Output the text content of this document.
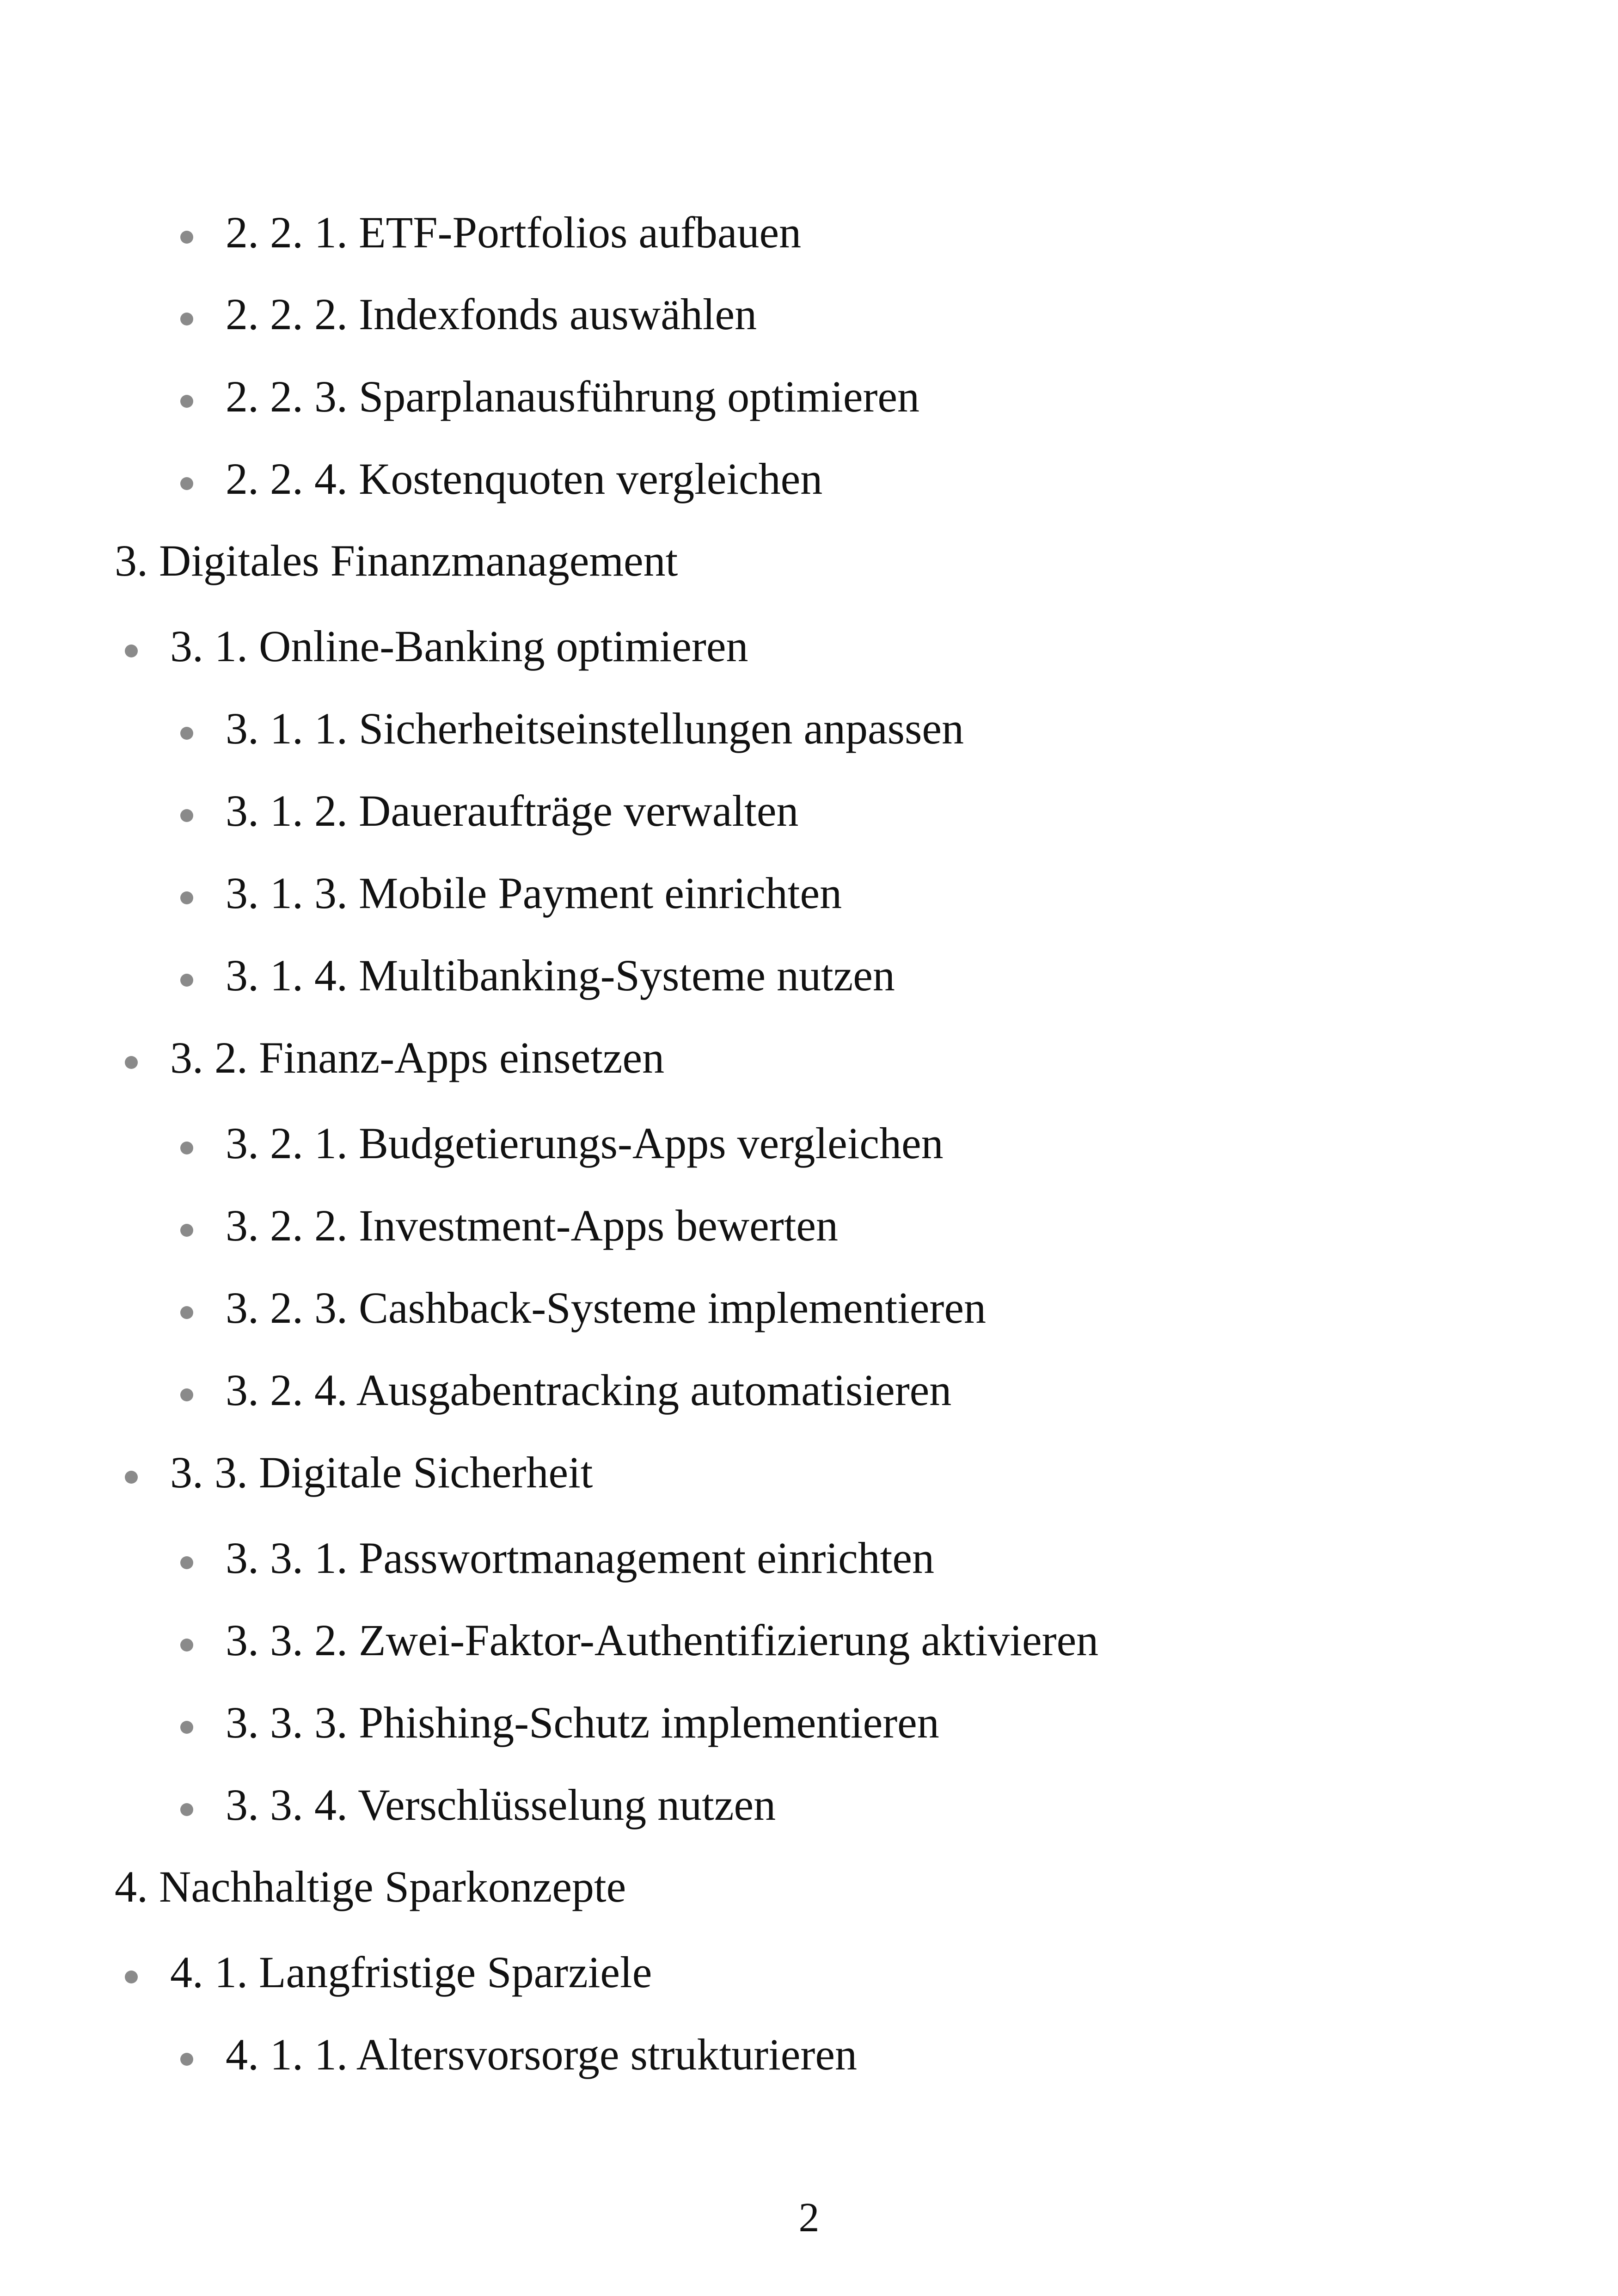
2. 2. 1. ETF-Portfolios aufbauen
2. 2. 2. Indexfonds auswählen
2. 2. 3. Sparplanausführung optimieren
2. 2. 4. Kostenquoten vergleichen
3. Digitales Finanzmanagement
3. 1. Online-Banking optimieren
3. 1. 1. Sicherheitseinstellungen anpassen
3. 1. 2. Daueraufträge verwalten
3. 1. 3. Mobile Payment einrichten
3. 1. 4. Multibanking-Systeme nutzen
3. 2. Finanz-Apps einsetzen
3. 2. 1. Budgetierungs-Apps vergleichen
3. 2. 2. Investment-Apps bewerten
3. 2. 3. Cashback-Systeme implementieren
3. 2. 4. Ausgabentracking automatisieren
3. 3. Digitale Sicherheit
3. 3. 1. Passwortmanagement einrichten
3. 3. 2. Zwei-Faktor-Authentifizierung aktivieren
3. 3. 3. Phishing-Schutz implementieren
3. 3. 4. Verschlüsselung nutzen
4. Nachhaltige Sparkonzepte
4. 1. Langfristige Sparziele
4. 1. 1. Altersvorsorge strukturieren
2
